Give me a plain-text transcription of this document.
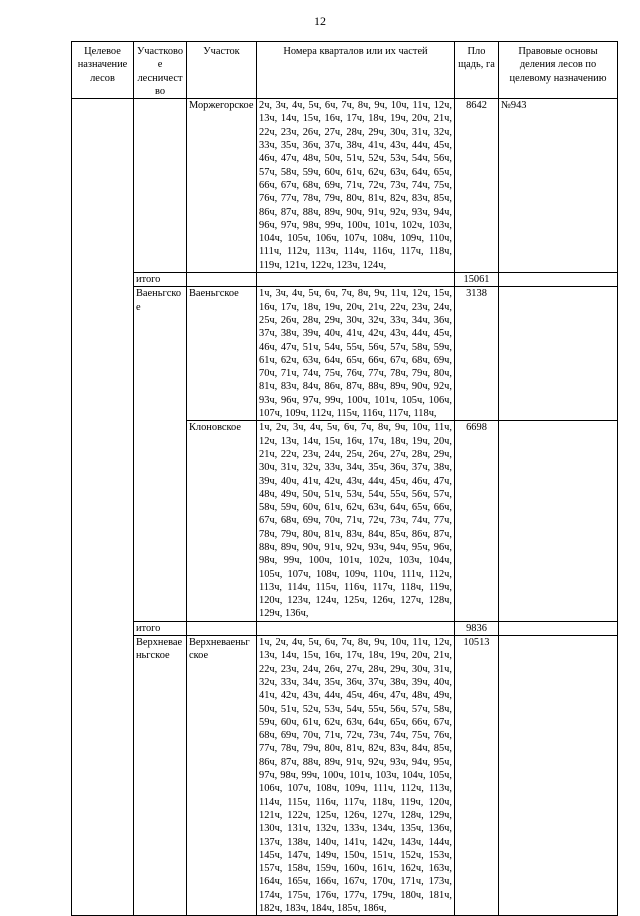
12
Целевое назначение лесов	Участково е лесничест во	Участок	Номера кварталов или их частей	Пло щадь, га	Правовые основы деления лесов по целевому назначению
		Моржегорское	2ч, 3ч, 4ч, 5ч, 6ч, 7ч, 8ч, 9ч, 10ч, 11ч, 12ч, 13ч, 14ч, 15ч, 16ч, 17ч, 18ч, 19ч, 20ч, 21ч, 22ч, 23ч, 26ч, 27ч, 28ч, 29ч, 30ч, 31ч, 32ч, 33ч, 35ч, 36ч, 37ч, 38ч, 41ч, 43ч, 44ч, 45ч, 46ч, 47ч, 48ч, 50ч, 51ч, 52ч, 53ч, 54ч, 56ч, 57ч, 58ч, 59ч, 60ч, 61ч, 62ч, 63ч, 64ч, 65ч, 66ч, 67ч, 68ч, 69ч, 71ч, 72ч, 73ч, 74ч, 75ч, 76ч, 77ч, 78ч, 79ч, 80ч, 81ч, 82ч, 83ч, 85ч, 86ч, 87ч, 88ч, 89ч, 90ч, 91ч, 92ч, 93ч, 94ч, 96ч, 97ч, 98ч, 99ч, 100ч, 101ч, 102ч, 103ч, 104ч, 105ч, 106ч, 107ч, 108ч, 109ч, 110ч, 111ч, 112ч, 113ч, 114ч, 116ч, 117ч, 118ч, 119ч, 121ч, 122ч, 123ч, 124ч,	8642	№943
	итого			15061	
	Ваеньгское	Ваеньгское	1ч, 3ч, 4ч, 5ч, 6ч, 7ч, 8ч, 9ч, 11ч, 12ч, 15ч, 16ч, 17ч, 18ч, 19ч, 20ч, 21ч, 22ч, 23ч, 24ч, 25ч, 26ч, 28ч, 29ч, 30ч, 32ч, 33ч, 34ч, 36ч, 37ч, 38ч, 39ч, 40ч, 41ч, 42ч, 43ч, 44ч, 45ч, 46ч, 47ч, 51ч, 54ч, 55ч, 56ч, 57ч, 58ч, 59ч, 61ч, 62ч, 63ч, 64ч, 65ч, 66ч, 67ч, 68ч, 69ч, 70ч, 71ч, 74ч, 75ч, 76ч, 77ч, 78ч, 79ч, 80ч, 81ч, 83ч, 84ч, 86ч, 87ч, 88ч, 89ч, 90ч, 92ч, 93ч, 96ч, 97ч, 99ч, 100ч, 101ч, 105ч, 106ч, 107ч, 109ч, 112ч, 115ч, 116ч, 117ч, 118ч,	3138	
		Клоновское	1ч, 2ч, 3ч, 4ч, 5ч, 6ч, 7ч, 8ч, 9ч, 10ч, 11ч, 12ч, 13ч, 14ч, 15ч, 16ч, 17ч, 18ч, 19ч, 20ч, 21ч, 22ч, 23ч, 24ч, 25ч, 26ч, 27ч, 28ч, 29ч, 30ч, 31ч, 32ч, 33ч, 34ч, 35ч, 36ч, 37ч, 38ч, 39ч, 40ч, 41ч, 42ч, 43ч, 44ч, 45ч, 46ч, 47ч, 48ч, 49ч, 50ч, 51ч, 53ч, 54ч, 55ч, 56ч, 57ч, 58ч, 59ч, 60ч, 61ч, 62ч, 63ч, 64ч, 65ч, 66ч, 67ч, 68ч, 69ч, 70ч, 71ч, 72ч, 73ч, 74ч, 77ч, 78ч, 79ч, 80ч, 81ч, 83ч, 84ч, 85ч, 86ч, 87ч, 88ч, 89ч, 90ч, 91ч, 92ч, 93ч, 94ч, 95ч, 96ч, 98ч, 99ч, 100ч, 101ч, 102ч, 103ч, 104ч, 105ч, 107ч, 108ч, 109ч, 110ч, 111ч, 112ч, 113ч, 114ч, 115ч, 116ч, 117ч, 118ч, 119ч, 120ч, 123ч, 124ч, 125ч, 126ч, 127ч, 128ч, 129ч, 136ч,	6698	
	итого			9836	
	Верхневаеньгское	Верхневаеньгское	1ч, 2ч, 4ч, 5ч, 6ч, 7ч, 8ч, 9ч, 10ч, 11ч, 12ч, 13ч, 14ч, 15ч, 16ч, 17ч, 18ч, 19ч, 20ч, 21ч, 22ч, 23ч, 24ч, 26ч, 27ч, 28ч, 29ч, 30ч, 31ч, 32ч, 33ч, 34ч, 35ч, 36ч, 37ч, 38ч, 39ч, 40ч, 41ч, 42ч, 43ч, 44ч, 45ч, 46ч, 47ч, 48ч, 49ч, 50ч, 51ч, 52ч, 53ч, 54ч, 55ч, 56ч, 57ч, 58ч, 59ч, 60ч, 61ч, 62ч, 63ч, 64ч, 65ч, 66ч, 67ч, 68ч, 69ч, 70ч, 71ч, 72ч, 73ч, 74ч, 75ч, 76ч, 77ч, 78ч, 79ч, 80ч, 81ч, 82ч, 83ч, 84ч, 85ч, 86ч, 87ч, 88ч, 89ч, 91ч, 92ч, 93ч, 94ч, 95ч, 97ч, 98ч, 99ч, 100ч, 101ч, 103ч, 104ч, 105ч, 106ч, 107ч, 108ч, 109ч, 111ч, 112ч, 113ч, 114ч, 115ч, 116ч, 117ч, 118ч, 119ч, 120ч, 121ч, 122ч, 125ч, 126ч, 127ч, 128ч, 129ч, 130ч, 131ч, 132ч, 133ч, 134ч, 135ч, 136ч, 137ч, 138ч, 140ч, 141ч, 142ч, 143ч, 144ч, 145ч, 147ч, 149ч, 150ч, 151ч, 152ч, 153ч, 157ч, 158ч, 159ч, 160ч, 161ч, 162ч, 163ч, 164ч, 165ч, 166ч, 167ч, 170ч, 171ч, 173ч, 174ч, 175ч, 176ч, 177ч, 179ч, 180ч, 181ч, 182ч, 183ч, 184ч, 185ч, 186ч,	10513	
